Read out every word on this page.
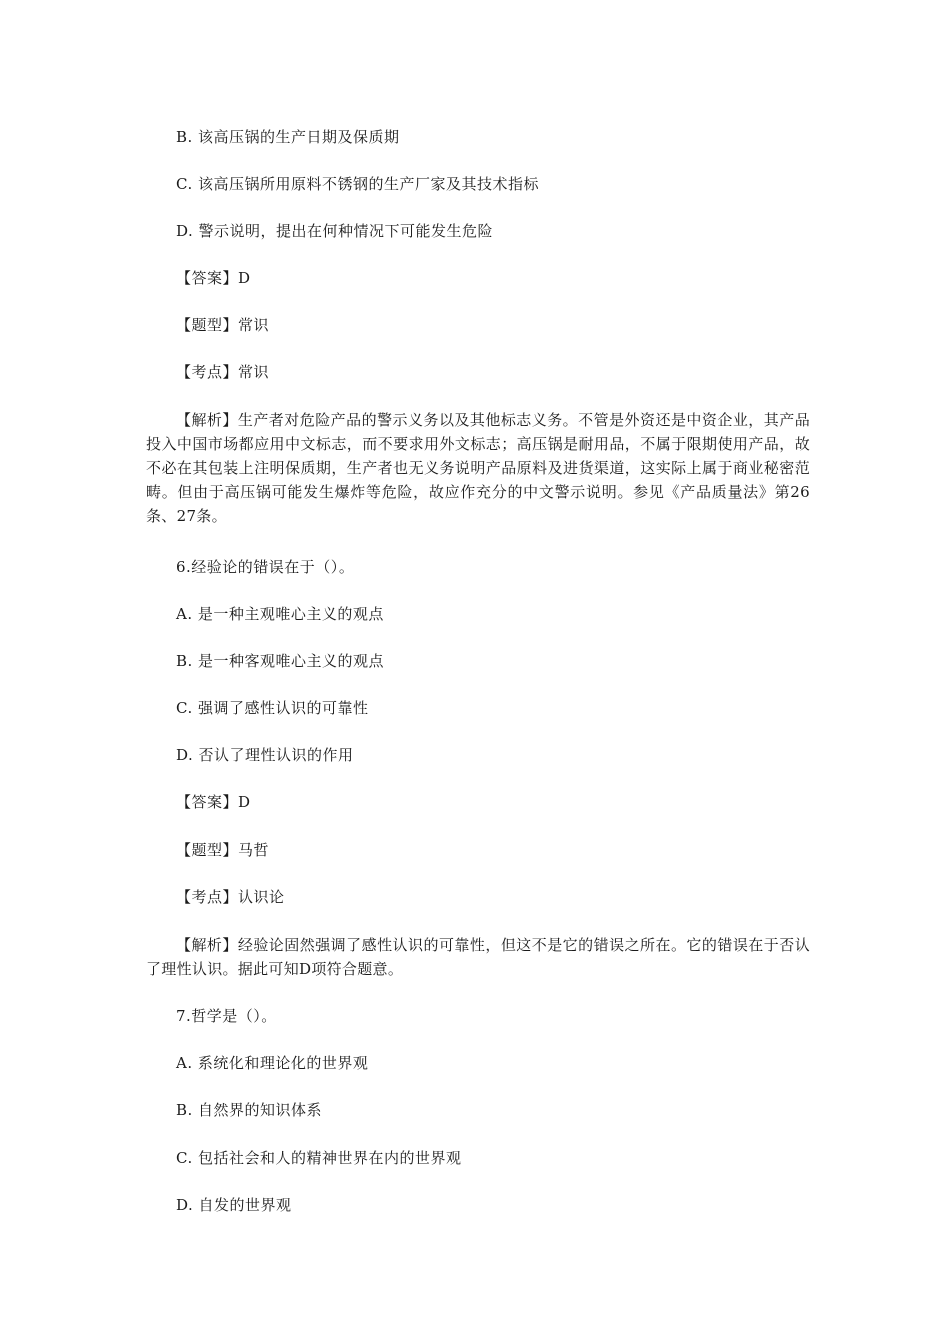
B. 该高压锅的生产日期及保质期
C. 该高压锅所用原料不锈钢的生产厂家及其技术指标
D. 警示说明，提出在何种情况下可能发生危险
【答案】D
【题型】常识
【考点】常识
【解析】生产者对危险产品的警示义务以及其他标志义务。不管是外资还是中资企业，其产品投入中国市场都应用中文标志，而不要求用外文标志；高压锅是耐用品，不属于限期使用产品，故不必在其包装上注明保质期，生产者也无义务说明产品原料及进货渠道，这实际上属于商业秘密范畴。但由于高压锅可能发生爆炸等危险，故应作充分的中文警示说明。参见《产品质量法》第26条、27条。
6.经验论的错误在于（）。
A. 是一种主观唯心主义的观点
B. 是一种客观唯心主义的观点
C. 强调了感性认识的可靠性
D. 否认了理性认识的作用
【答案】D
【题型】马哲
【考点】认识论
【解析】经验论固然强调了感性认识的可靠性，但这不是它的错误之所在。它的错误在于否认了理性认识。据此可知D项符合题意。
7.哲学是（）。
A. 系统化和理论化的世界观
B. 自然界的知识体系
C. 包括社会和人的精神世界在内的世界观
D. 自发的世界观
